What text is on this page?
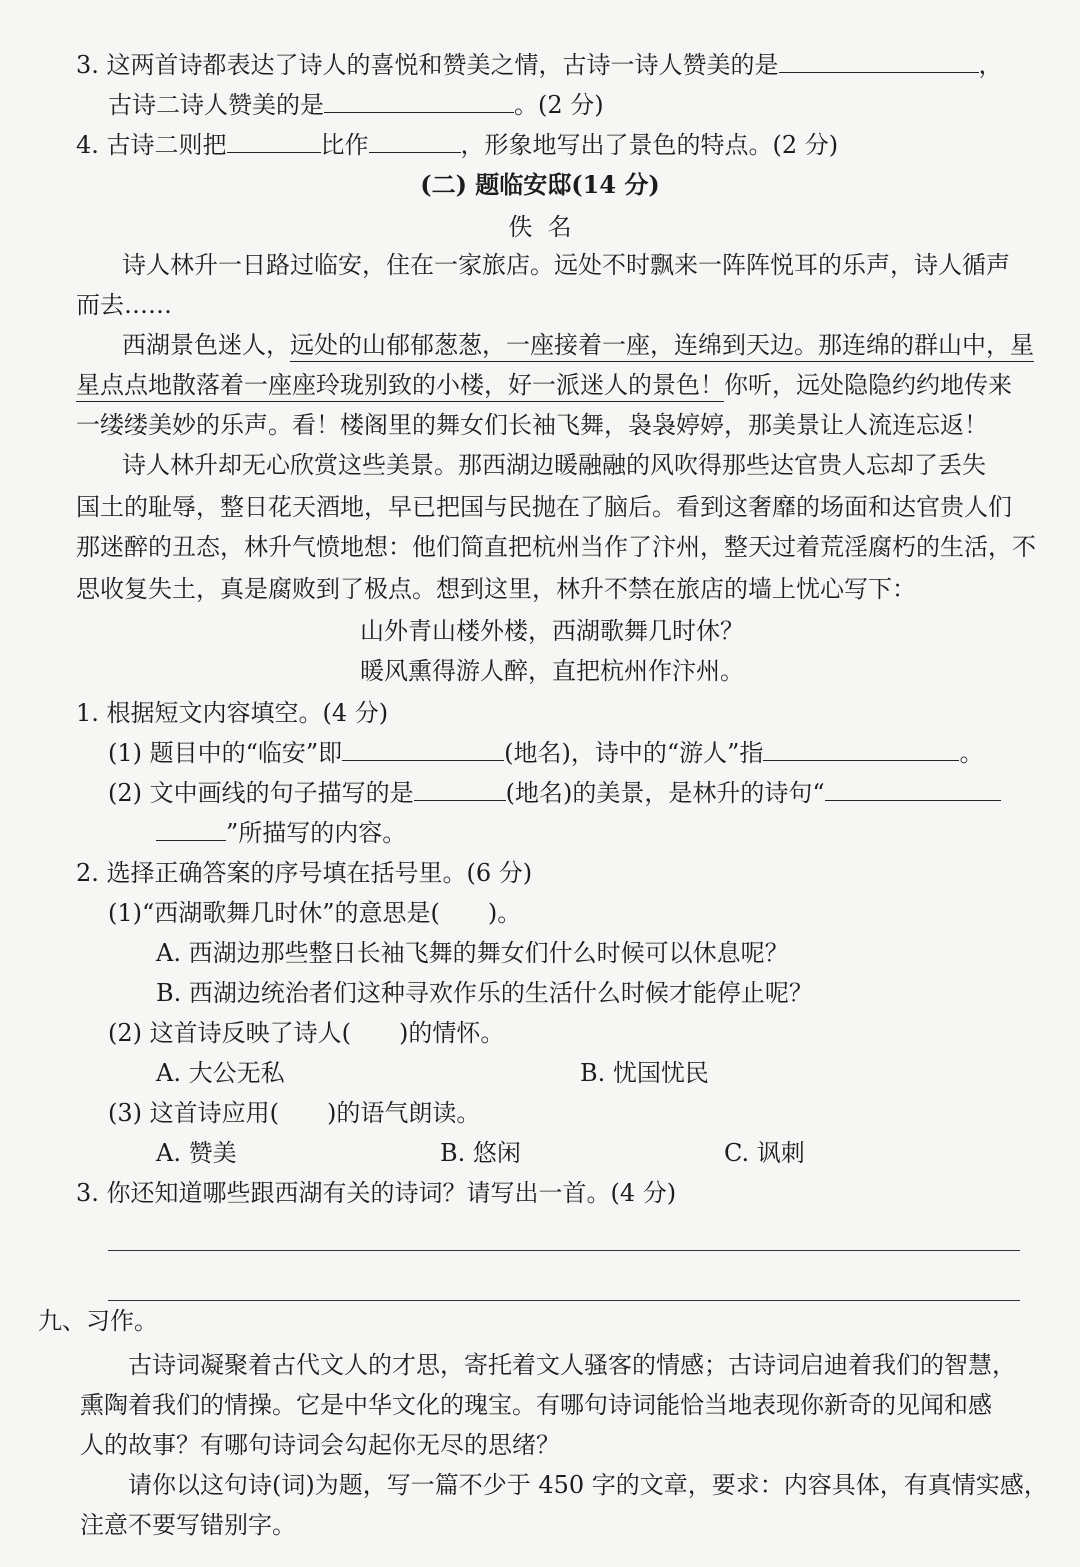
3. 这两首诗都表达了诗人的喜悦和赞美之情，古诗一诗人赞美的是	，
古诗二诗人赞美的是	。(2 分)
4. 古诗二则把	比作	，形象地写出了景色的特点。(2 分)
(二) 题临安邸(14 分)
佚  名
诗人林升一日路过临安，住在一家旅店。远处不时飘来一阵阵悦耳的乐声，诗人循声
而去……
西湖景色迷人，远处的山郁郁葱葱，一座接着一座，连绵到天边。那连绵的群山中，星
星点点地散落着一座座玲珑别致的小楼，好一派迷人的景色！你听，远处隐隐约约地传来
一缕缕美妙的乐声。看！楼阁里的舞女们长袖飞舞，袅袅婷婷，那美景让人流连忘返！
诗人林升却无心欣赏这些美景。那西湖边暖融融的风吹得那些达官贵人忘却了丢失
国土的耻辱，整日花天酒地，早已把国与民抛在了脑后。看到这奢靡的场面和达官贵人们
那迷醉的丑态，林升气愤地想：他们简直把杭州当作了汴州，整天过着荒淫腐朽的生活，不
思收复失土，真是腐败到了极点。想到这里，林升不禁在旅店的墙上忧心写下：
山外青山楼外楼，西湖歌舞几时休？
暖风熏得游人醉，直把杭州作汴州。
1. 根据短文内容填空。(4 分)
(1) 题目中的“临安”即	(地名)，诗中的“游人”指	。
(2) 文中画线的句子描写的是	(地名)的美景，是林升的诗句“
”所描写的内容。
2. 选择正确答案的序号填在括号里。(6 分)
(1)“西湖歌舞几时休”的意思是( )。
A. 西湖边那些整日长袖飞舞的舞女们什么时候可以休息呢？
B. 西湖边统治者们这种寻欢作乐的生活什么时候才能停止呢？
(2) 这首诗反映了诗人( )的情怀。
A. 大公无私	B. 忧国忧民
(3) 这首诗应用( )的语气朗读。
A. 赞美	B. 悠闲	C. 讽刺
3. 你还知道哪些跟西湖有关的诗词？请写出一首。(4 分)
九、习作。
古诗词凝聚着古代文人的才思，寄托着文人骚客的情感；古诗词启迪着我们的智慧，
熏陶着我们的情操。它是中华文化的瑰宝。有哪句诗词能恰当地表现你新奇的见闻和感
人的故事？有哪句诗词会勾起你无尽的思绪？
请你以这句诗(词)为题，写一篇不少于 450 字的文章，要求：内容具体，有真情实感，
注意不要写错别字。
